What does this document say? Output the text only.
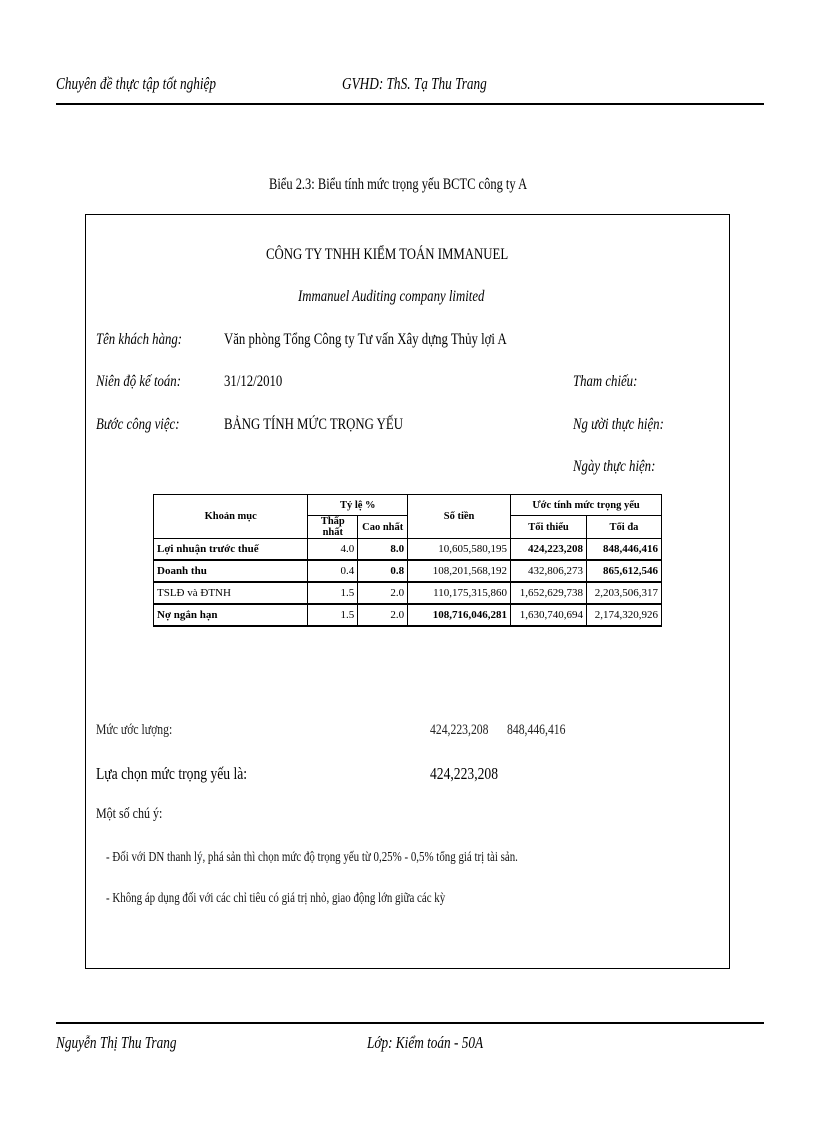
Chuyên đề thực tập tốt nghiệp	GVHD: ThS. Tạ Thu Trang
Biểu 2.3: Biểu tính mức trọng yếu BCTC công ty A
CÔNG TY TNHH KIỂM TOÁN IMMANUEL
Immanuel Auditing company limited
Tên khách hàng:	Văn phòng Tổng Công ty Tư vấn Xây dựng Thủy lợi A
Niên độ kế toán:	31/12/2010	Tham chiếu:
Bước công việc:	BẢNG TÍNH MỨC TRỌNG YẾU	Ng ười thực hiện:
Ngày thực hiện:
Khoản mục	Tỷ lệ %		Số tiền	Ước tính mức trọng yếu	
	Thấp nhất	Cao nhất		Tối thiểu	Tối đa
Lợi nhuận trước thuế	4.0	8.0	10,605,580,195	424,223,208	848,446,416
Doanh thu	0.4	0.8	108,201,568,192	432,806,273	865,612,546
TSLĐ và ĐTNH	1.5	2.0	110,175,315,860	1,652,629,738	2,203,506,317
Nợ ngắn hạn	1.5	2.0	108,716,046,281	1,630,740,694	2,174,320,926
Mức ước lượng:	424,223,208	848,446,416
Lựa chọn mức trọng yếu là:	424,223,208
Một số chú ý:
- Đối với DN thanh lý, phá sản thì chọn mức độ trọng yếu từ 0,25% - 0,5% tổng giá trị tài sản.
- Không áp dụng đối với các chỉ tiêu có giá trị nhỏ, giao động lớn giữa các kỳ
Nguyễn Thị Thu Trang	Lớp: Kiểm toán - 50A
